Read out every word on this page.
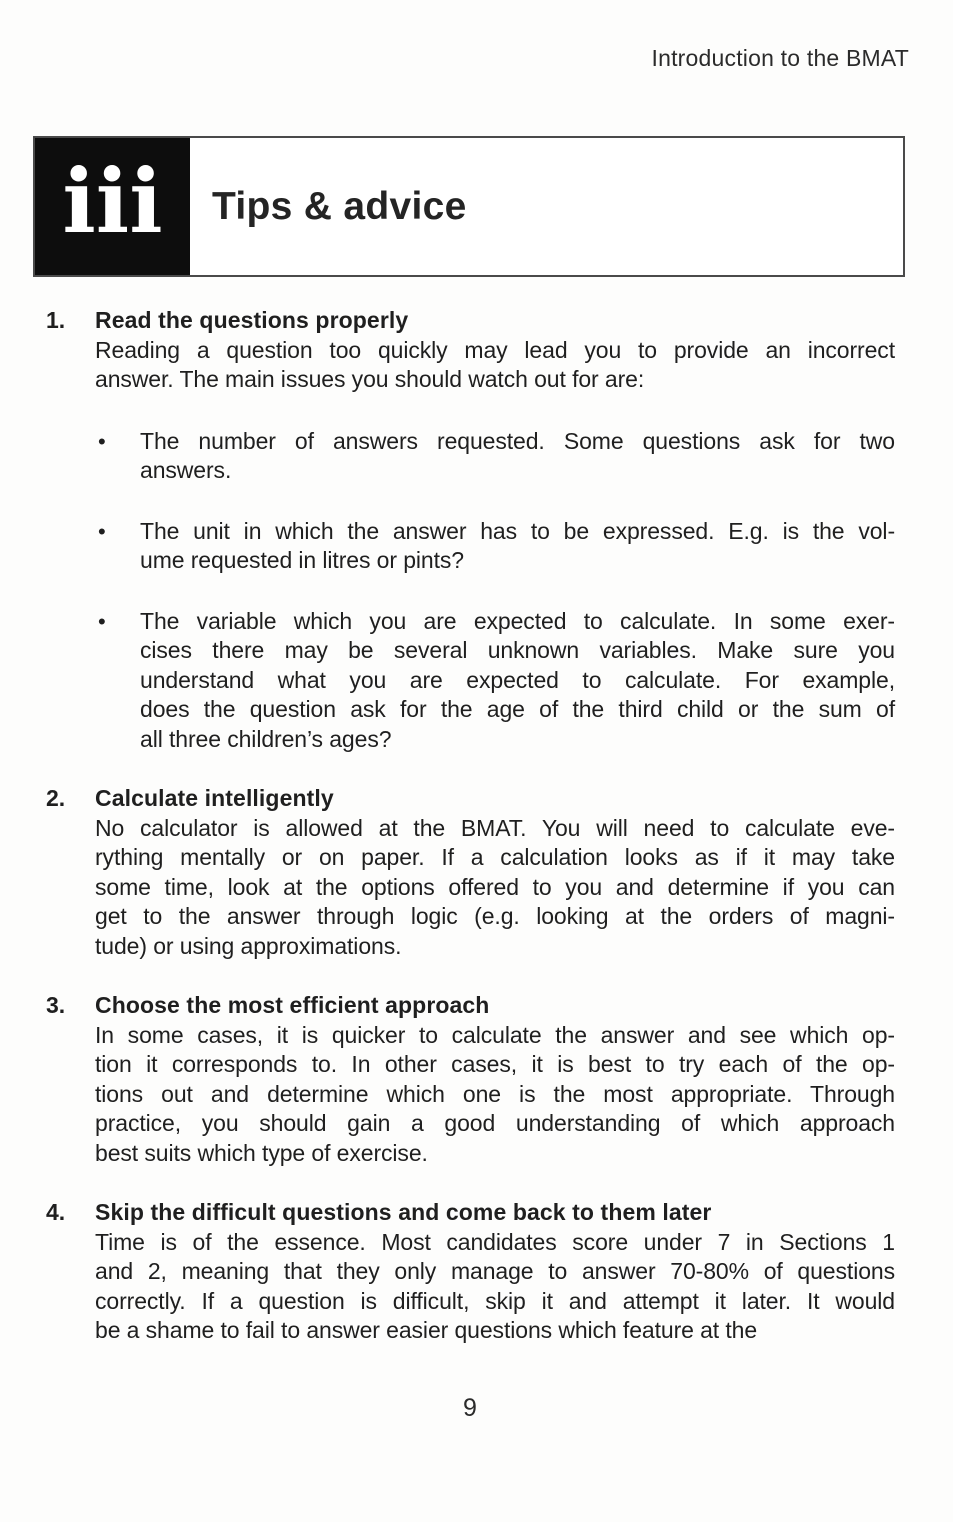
Introduction to the BMAT
iii Tips & advice
1.	Read the questions properly
Reading a question too quickly may lead you to provide an incorrect
answer. The main issues you should watch out for are:
•	The number of answers requested. Some questions ask for two
answers.
•	The unit in which the answer has to be expressed. E.g. is the vol-
ume requested in litres or pints?
•	The variable which you are expected to calculate. In some exer-
cises there may be several unknown variables. Make sure you
understand what you are expected to calculate. For example,
does the question ask for the age of the third child or the sum of
all three children’s ages?
2.	Calculate intelligently
No calculator is allowed at the BMAT. You will need to calculate eve-
rything mentally or on paper. If a calculation looks as if it may take
some time, look at the options offered to you and determine if you can
get to the answer through logic (e.g. looking at the orders of magni-
tude) or using approximations.
3.	Choose the most efficient approach
In some cases, it is quicker to calculate the answer and see which op-
tion it corresponds to. In other cases, it is best to try each of the op-
tions out and determine which one is the most appropriate. Through
practice, you should gain a good understanding of which approach
best suits which type of exercise.
4.	Skip the difficult questions and come back to them later
Time is of the essence. Most candidates score under 7 in Sections 1
and 2, meaning that they only manage to answer 70-80% of questions
correctly. If a question is difficult, skip it and attempt it later. It would
be a shame to fail to answer easier questions which feature at the
9
